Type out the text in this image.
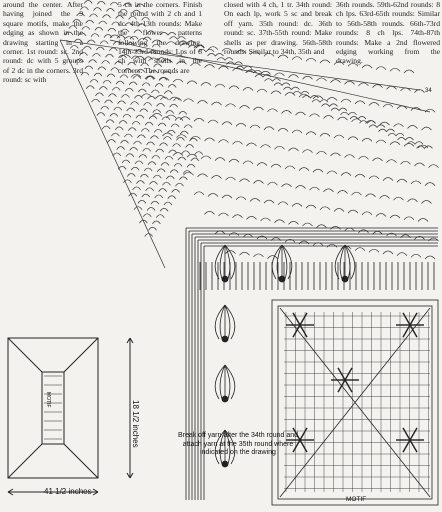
around the center. After having joined the 9 square motifs, make the edging as shown in the drawing starting in a corner. 1st round: sc. 2nd round: dc with 5 groups of 2 dc in the corners. 3rd round: sc with

5 ch in the corners. Finish the round with 2 ch and 1 dc. 4th-13th rounds: Make the flower patterns following the drawing. 14th-33rd rounds: Lps of 8 ch with shells in the corners. The rounds are

closed with 4 ch, 1 tr. 34th round: On each lp, work 5 sc and break off yarn. 35th round: dc. 36th round: sc. 37th-55th round: Make shells as per drawing. 56th-58th rounds: Similar to 34th, 35th and

36th rounds. 59th-62nd rounds: 8 ch lps. 63rd-65th rounds: Similar to 56th-58th rounds. 66th-73rd rounds: 8 ch lps. 74th-87th rounds: Make a 2nd flowered edging working from the drawing.

41 1/2 inches
18 1/2 inches	Break off yarn after the 34th round and attach yarn at the 35th round where indicated on the drawing
MOTIF
MOTIF
34
